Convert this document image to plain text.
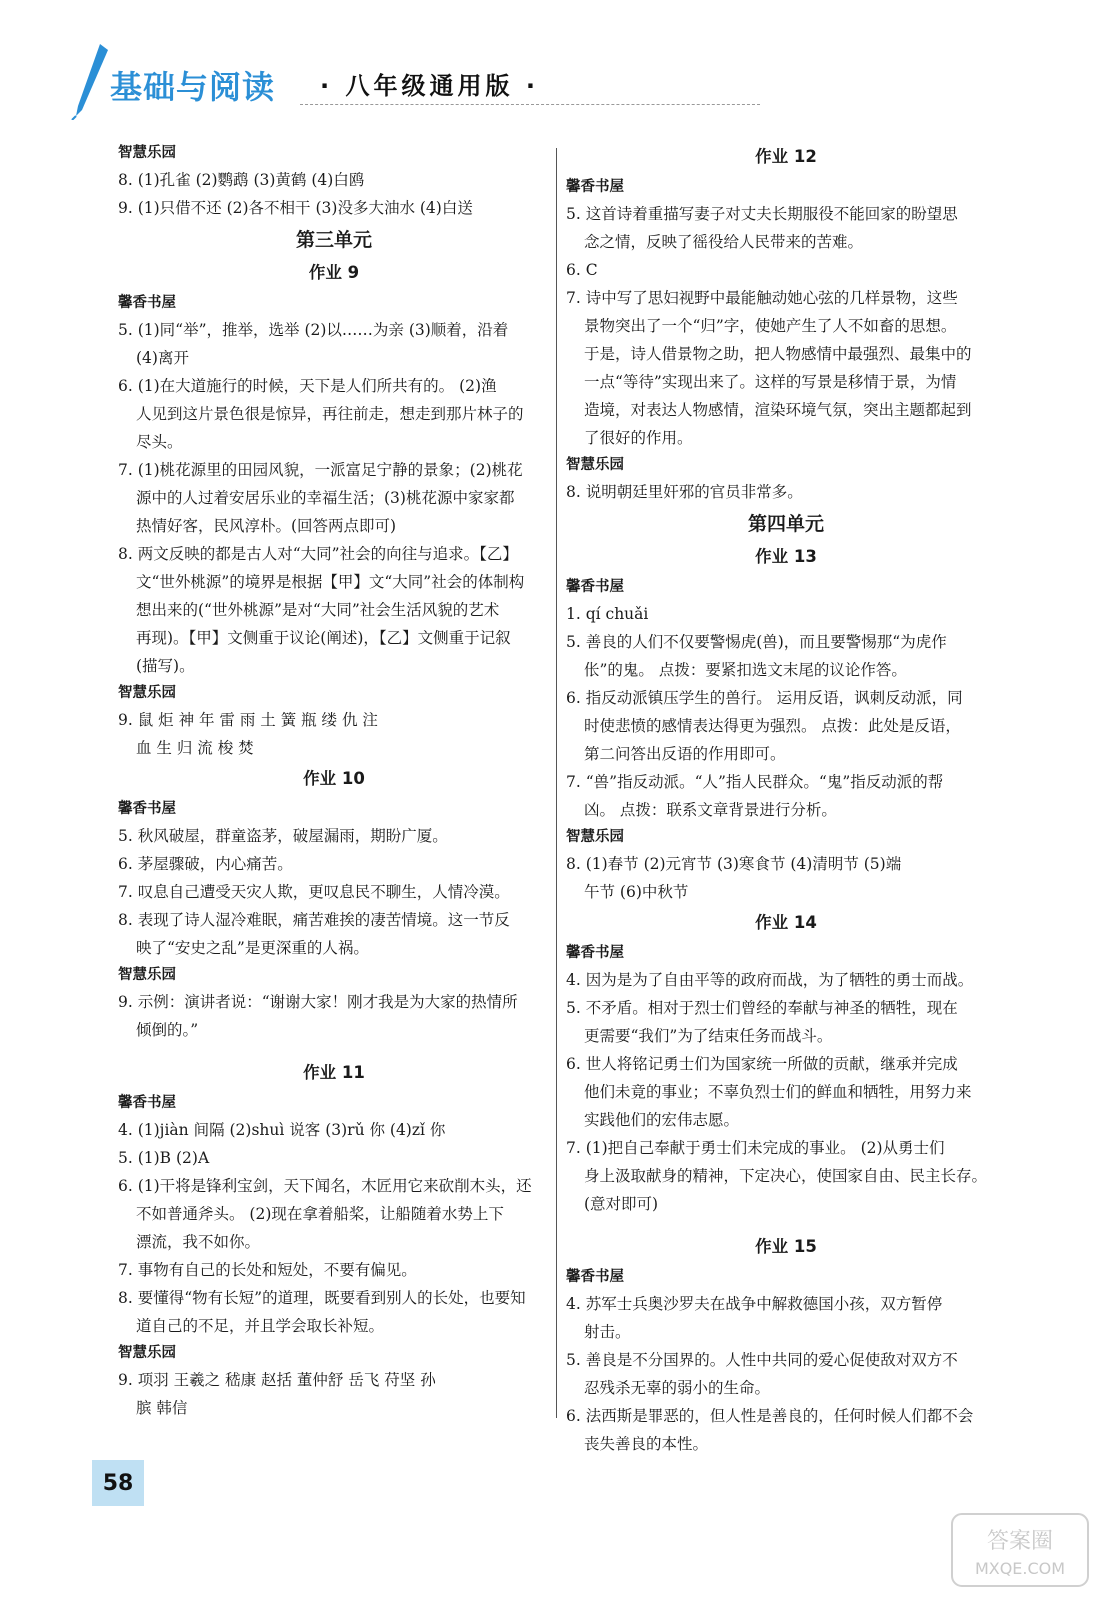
基础与阅读 · 八年级通用版 ·
智慧乐园
8. (1)孔雀 (2)鹦鹉 (3)黄鹤 (4)白鸥
9. (1)只借不还 (2)各不相干 (3)没多大油水 (4)白送
第三单元
作业 9
馨香书屋
5. (1)同“举”，推举，选举 (2)以……为亲 (3)顺着，沿着
(4)离开
6. (1)在大道施行的时候，天下是人们所共有的。 (2)渔
人见到这片景色很是惊异，再往前走，想走到那片林子的
尽头。
7. (1)桃花源里的田园风貌，一派富足宁静的景象；(2)桃花
源中的人过着安居乐业的幸福生活；(3)桃花源中家家都
热情好客，民风淳朴。(回答两点即可)
8. 两文反映的都是古人对“大同”社会的向往与追求。【乙】
文“世外桃源”的境界是根据【甲】文“大同”社会的体制构
想出来的(“世外桃源”是对“大同”社会生活风貌的艺术
再现)。【甲】文侧重于议论(阐述)，【乙】文侧重于记叙
(描写)。
智慧乐园
9. 鼠 炬 神 年 雷 雨 土 簧 瓶 缕 仇 注
血 生 归 流 梭 焚
作业 10
馨香书屋
5. 秋风破屋，群童盗茅，破屋漏雨，期盼广厦。
6. 茅屋骤破，内心痛苦。
7. 叹息自己遭受天灾人欺，更叹息民不聊生，人情冷漠。
8. 表现了诗人湿冷难眠，痛苦难挨的凄苦情境。这一节反
映了“安史之乱”是更深重的人祸。
智慧乐园
9. 示例：演讲者说：“谢谢大家！刚才我是为大家的热情所
倾倒的。”
作业 11
馨香书屋
4. (1)jiàn 间隔 (2)shuì 说客 (3)rǔ 你 (4)zǐ 你
5. (1)B (2)A
6. (1)干将是锋利宝剑，天下闻名，木匠用它来砍削木头，还
不如普通斧头。 (2)现在拿着船桨，让船随着水势上下
漂流，我不如你。
7. 事物有自己的长处和短处，不要有偏见。
8. 要懂得“物有长短”的道理，既要看到别人的长处，也要知
道自己的不足，并且学会取长补短。
智慧乐园
9. 项羽 王羲之 嵇康 赵括 董仲舒 岳飞 苻坚 孙
膑 韩信
作业 12
馨香书屋
5. 这首诗着重描写妻子对丈夫长期服役不能回家的盼望思
念之情，反映了徭役给人民带来的苦难。
6. C
7. 诗中写了思妇视野中最能触动她心弦的几样景物，这些
景物突出了一个“归”字，使她产生了人不如畜的思想。
于是，诗人借景物之助，把人物感情中最强烈、最集中的
一点“等待”实现出来了。这样的写景是移情于景，为情
造境，对表达人物感情，渲染环境气氛，突出主题都起到
了很好的作用。
智慧乐园
8. 说明朝廷里奸邪的官员非常多。
第四单元
作业 13
馨香书屋
1. qí chuǎi
5. 善良的人们不仅要警惕虎(兽)，而且要警惕那“为虎作
伥”的鬼。 点拨：要紧扣选文末尾的议论作答。
6. 指反动派镇压学生的兽行。 运用反语，讽刺反动派，同
时使悲愤的感情表达得更为强烈。 点拨：此处是反语，
第二问答出反语的作用即可。
7. “兽”指反动派。“人”指人民群众。“鬼”指反动派的帮
凶。 点拨：联系文章背景进行分析。
智慧乐园
8. (1)春节 (2)元宵节 (3)寒食节 (4)清明节 (5)端
午节 (6)中秋节
作业 14
馨香书屋
4. 因为是为了自由平等的政府而战，为了牺牲的勇士而战。
5. 不矛盾。相对于烈士们曾经的奉献与神圣的牺牲，现在
更需要“我们”为了结束任务而战斗。
6. 世人将铭记勇士们为国家统一所做的贡献，继承并完成
他们未竟的事业；不辜负烈士们的鲜血和牺牲，用努力来
实践他们的宏伟志愿。
7. (1)把自己奉献于勇士们未完成的事业。 (2)从勇士们
身上汲取献身的精神，下定决心，使国家自由、民主长存。
(意对即可)
作业 15
馨香书屋
4. 苏军士兵奥沙罗夫在战争中解救德国小孩，双方暂停
射击。
5. 善良是不分国界的。人性中共同的爱心促使敌对双方不
忍残杀无辜的弱小的生命。
6. 法西斯是罪恶的，但人性是善良的，任何时候人们都不会
丧失善良的本性。
58
答案圈
MXQE.COM
